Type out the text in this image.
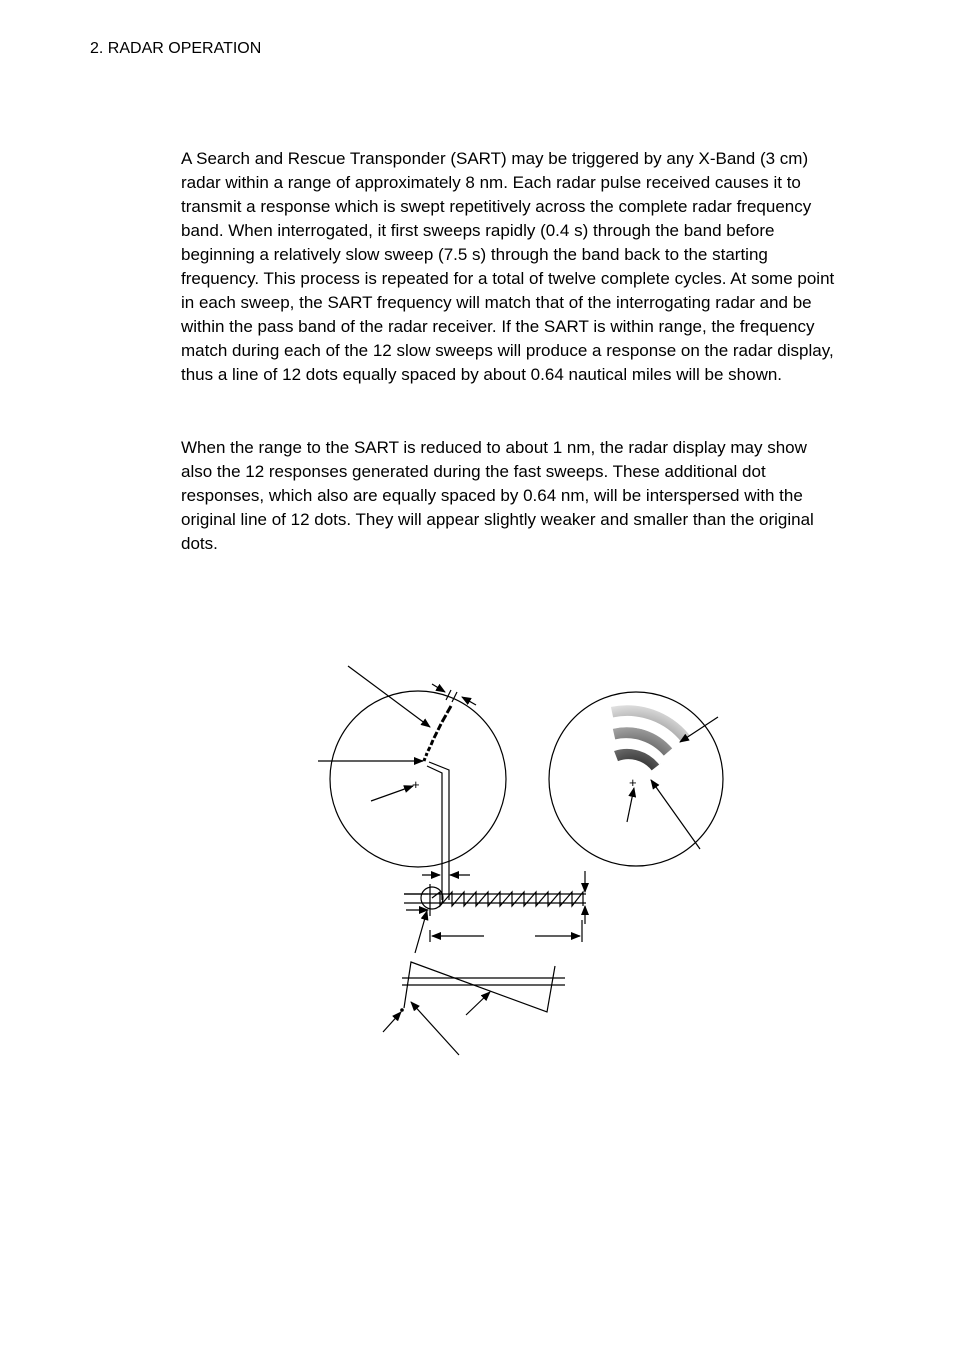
2. RADAR OPERATION

A Search and Rescue Transponder (SART) may be triggered by any X-Band (3 cm) radar within a range of approximately 8 nm. Each radar pulse received causes it to transmit a response which is swept repetitively across the complete radar frequency band. When interrogated, it first sweeps rapidly (0.4 s) through the band before beginning a relatively slow sweep (7.5 s) through the band back to the starting frequency. This process is repeated for a total of twelve complete cycles. At some point in each sweep, the SART frequency will match that of the interrogating radar and be within the pass band of the radar receiver. If the SART is within range, the frequency match during each of the 12 slow sweeps will produce a response on the radar display, thus a line of 12 dots equally spaced by about 0.64 nautical miles will be shown.

When the range to the SART is reduced to about 1 nm, the radar display may show also the 12 responses generated during the fast sweeps. These additional dot responses, which also are equally spaced by 0.64 nm, will be interspersed with the original line of 12 dots. They will appear slightly weaker and smaller than the original dots.

+	+
